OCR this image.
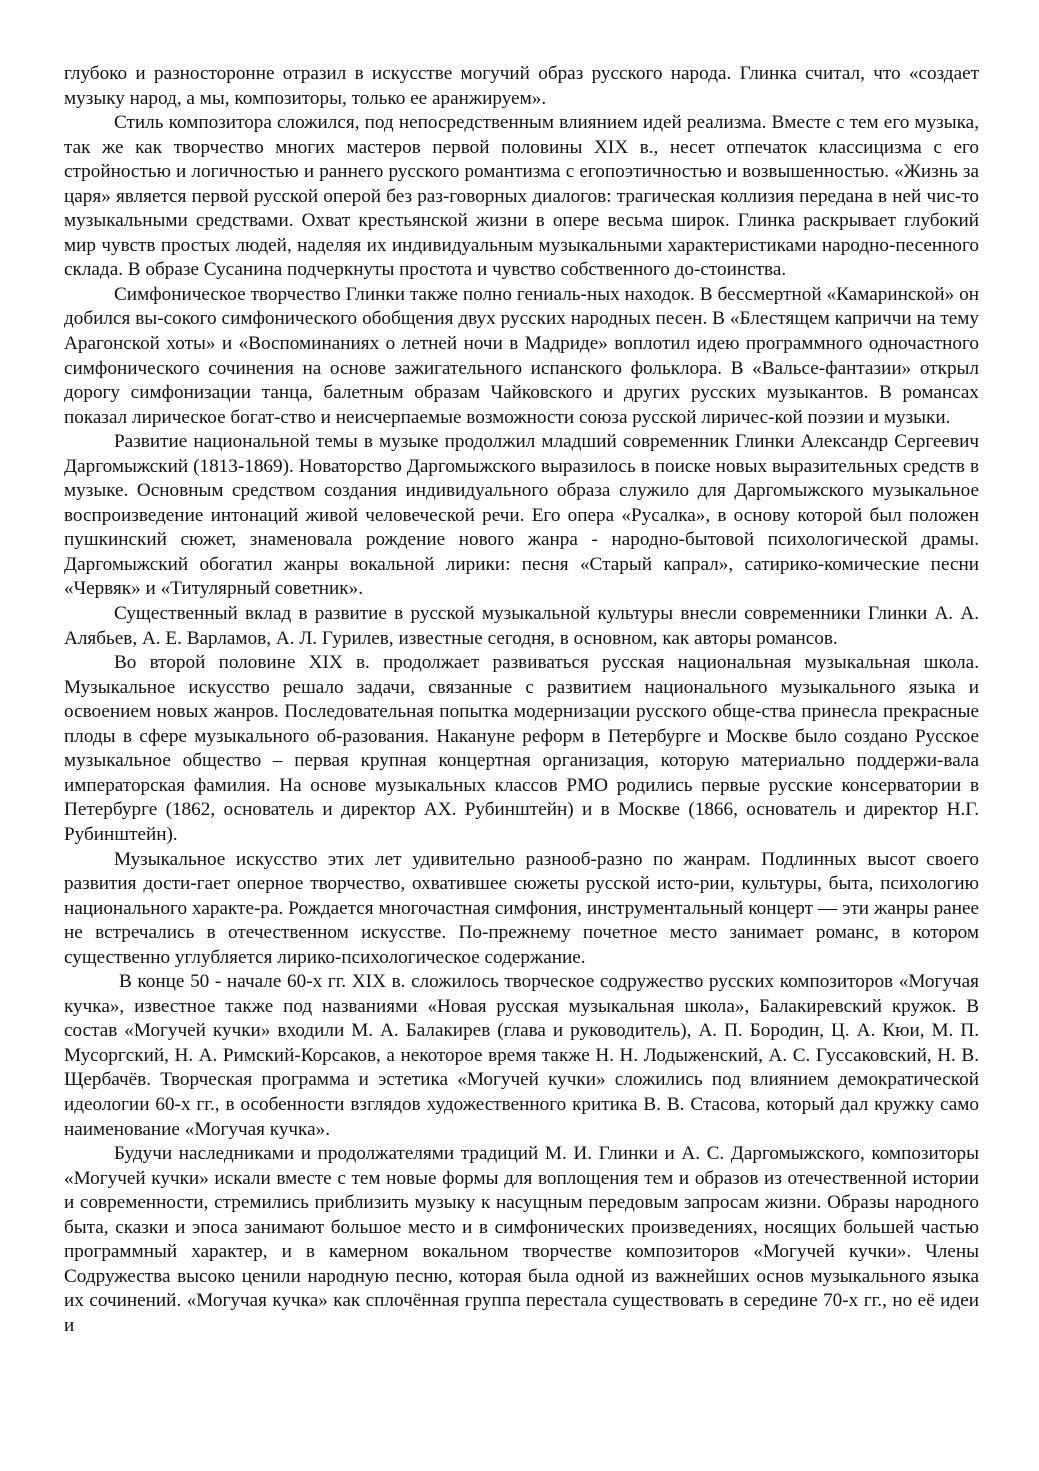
глубоко и разносторонне отразил в искусстве могучий образ русского народа. Глинка считал, что «создает музыку народ, а мы, композиторы, только ее аранжируем».

Стиль композитора сложился, под непосредственным влиянием идей реализма. Вместе с тем его музыка, так же как творчество многих мастеров первой половины XIX в., несет отпечаток классицизма с его стройностью и логичностью и раннего русского романтизма с егопоэтичностью и возвышенностью. «Жизнь за царя» является первой русской оперой без раз-говорных диалогов: трагическая коллизия передана в ней чис-то музыкальными средствами. Охват крестьянской жизни в опере весьма широк. Глинка раскрывает глубокий мир чувств простых людей, наделяя их индивидуальным музыкальными характеристиками народно-песенного склада. В образе Сусанина подчеркнуты простота и чувство собственного до-стоинства.

Симфоническое творчество Глинки также полно гениаль-ных находок. В бессмертной «Камаринской» он добился вы-сокого симфонического обобщения двух русских народных песен. В «Блестящем каприччи на тему Арагонской хоты» и «Воспоминаниях о летней ночи в Мадриде» воплотил идею программного одночастного симфонического сочинения на основе зажигательного испанского фольклора. В «Вальсе-фантазии» открыл дорогу симфонизации танца, балетным образам Чайковского и других русских музыкантов. В романсах показал лирическое богат-ство и неисчерпаемые возможности союза русской лиричес-кой поэзии и музыки.

Развитие национальной темы в музыке продолжил младший современник Глинки Александр Сергеевич Даргомыжский (1813-1869). Новаторство Даргомыжского выразилось в поиске новых выразительных средств в музыке. Основным средством создания индивидуального образа служило для Даргомыжского музыкальное воспроизведение интонаций живой человеческой речи. Его опера «Русалка», в основу которой был положен пушкинский сюжет, знаменовала рождение нового жанра - народно-бытовой психологической драмы. Даргомыжский обогатил жанры вокальной лирики: песня «Старый капрал», сатирико-комические песни «Червяк» и «Титулярный советник».

Существенный вклад в развитие в русской музыкальной культуры внесли современники Глинки А. А. Алябьев, А. Е. Варламов, А. Л. Гурилев, известные сегодня, в основном, как авторы романсов.

Во второй половине XIX в. продолжает развиваться русская национальная музыкальная школа. Музыкальное искусство решало задачи, связанные с развитием национального музыкального языка и освоением новых жанров. Последовательная попытка модернизации русского обще-ства принесла прекрасные плоды в сфере музыкального об-разования. Накануне реформ в Петербурге и Москве было создано Русское музыкальное общество – первая крупная концертная организация, которую материально поддержи-вала императорская фамилия. На основе музыкальных классов РМО родились первые русские консерватории в Петербурге (1862, основатель и директор АХ. Рубинштейн) и в Москве (1866, основатель и директор Н.Г. Рубинштейн).

Музыкальное искусство этих лет удивительно разнооб-разно по жанрам. Подлинных высот своего развития дости-гает оперное творчество, охватившее сюжеты русской исто-рии, культуры, быта, психологию национального характе-ра. Рождается многочастная симфония, инструментальный концерт — эти жанры ранее не встречались в отечественном искусстве. По-прежнему почетное место занимает романс, в котором существенно углубляется лирико-психологическое содержание.

В конце 50 - начале 60-х гг. XIX в. сложилось творческое содружество русских композиторов «Могучая кучка», известное также под названиями «Новая русская музыкальная школа», Балакиревский кружок. В состав «Могучей кучки» входили М. А. Балакирев (глава и руководитель), А. П. Бородин, Ц. А. Кюи, М. П. Мусоргский, Н. А. Римский-Корсаков, а некоторое время также Н. Н. Лодыженский, А. С. Гуссаковский, Н. В. Щербачёв. Творческая программа и эстетика «Могучей кучки» сложились под влиянием демократической идеологии 60-х гг., в особенности взглядов художественного критика В. В. Стасова, который дал кружку само наименование «Могучая кучка».

Будучи наследниками и продолжателями традиций М. И. Глинки и А. С. Даргомыжского, композиторы «Могучей кучки» искали вместе с тем новые формы для воплощения тем и образов из отечественной истории и современности, стремились приблизить музыку к насущным передовым запросам жизни. Образы народного быта, сказки и эпоса занимают большое место и в симфонических произведениях, носящих большей частью программный характер, и в камерном вокальном творчестве композиторов «Могучей кучки». Члены Содружества высоко ценили народную песню, которая была одной из важнейших основ музыкального языка их сочинений. «Могучая кучка» как сплочённая группа перестала существовать в середине 70-х гг., но её идеи и
